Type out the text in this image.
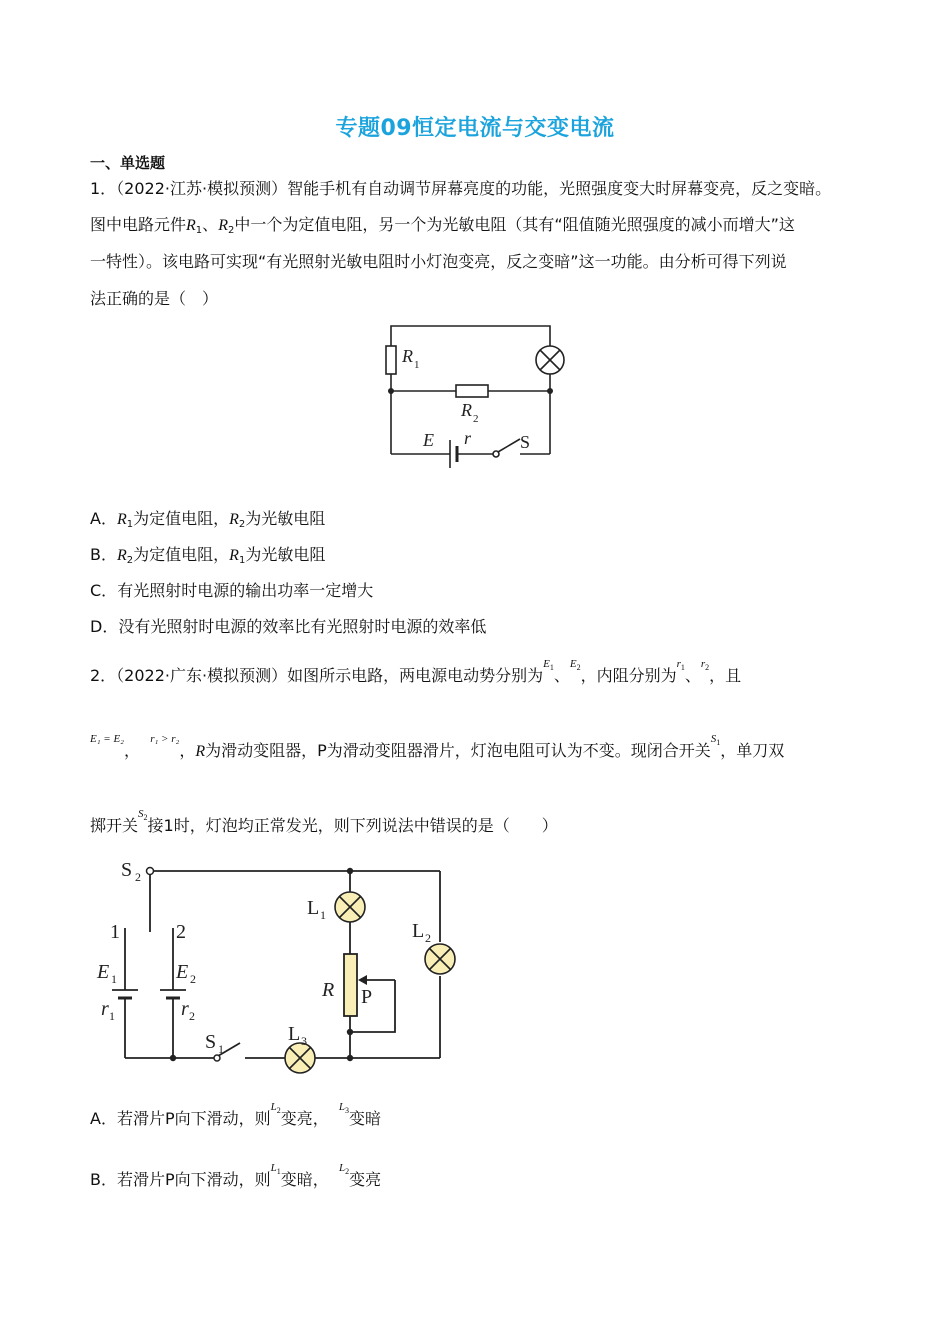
专题09恒定电流与交变电流
一、单选题
1．（2022·江苏·模拟预测）智能手机有自动调节屏幕亮度的功能，光照强度变大时屏幕变亮，反之变暗。
图中电路元件$R_1$、$R_2$中一个为定值电阻，另一个为光敏电阻（其有“阻值随光照强度的减小而增大”这
一特性）。该电路可实现“有光照射光敏电阻时小灯泡变亮，反之变暗”这一功能。由分析可得下列说
法正确的是（　）
R 1
R 2
E r	S
A．$R_1$为定值电阻，$R_2$为光敏电阻
B．$R_2$为定值电阻，$R_1$为光敏电阻
C．有光照射时电源的输出功率一定增大
D．没有光照射时电源的效率比有光照射时电源的效率低
2．（2022·广东·模拟预测）如图所示电路，两电源电动势分别为$E_1$、$E_2$，内阻分别为$r_1$、$r_2$，且
E₁ = E₂，  r₁ > r₂，R为滑动变阻器，P为滑动变阻器滑片，灯泡电阻可认为不变。现闭合开关$S_1$，单刀双
掷开关$S_2$接1时，灯泡均正常发光，则下列说法中错误的是（　　）
S 2
1	2
E 1	E 2
r 1	r 2
L 1
L 2
L 3
R P
S 1
A．若滑片P向下滑动，则$L_2$变亮，  $L_3$变暗
B．若滑片P向下滑动，则$L_1$变暗，  $L_2$变亮
